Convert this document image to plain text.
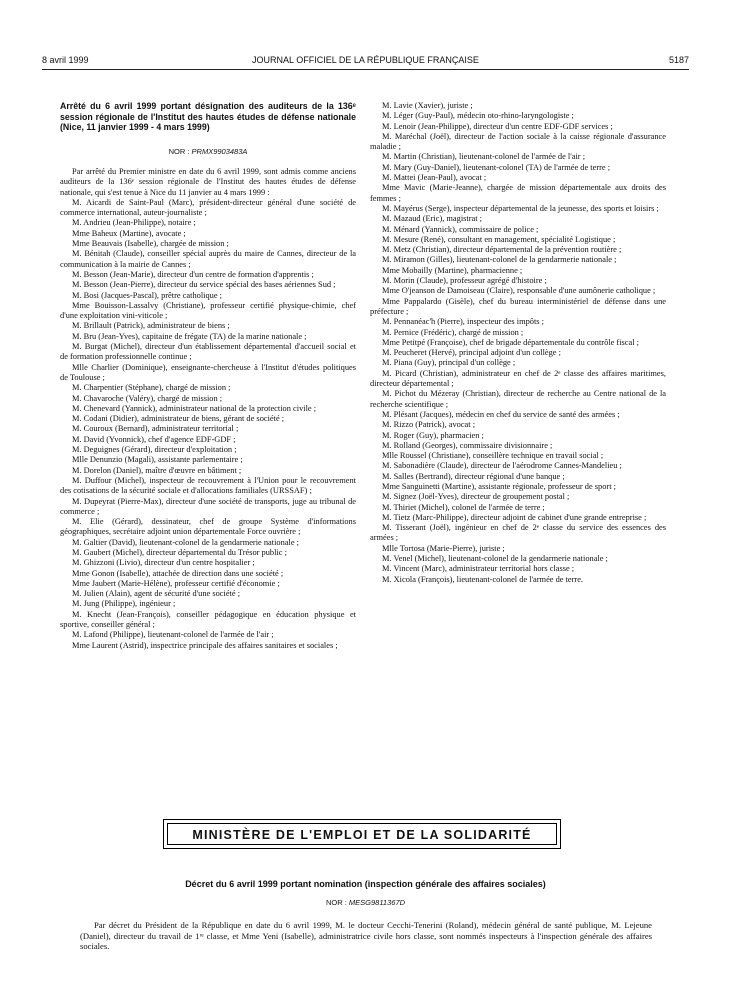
8 avril 1999	JOURNAL OFFICIEL DE LA RÉPUBLIQUE FRANÇAISE	5187
Arrêté du 6 avril 1999 portant désignation des auditeurs de la 136ᵉ session régionale de l'Institut des hautes études de défense nationale (Nice, 11 janvier 1999 - 4 mars 1999)
NOR : PRMX9903483A

Par arrêté du Premier ministre en date du 6 avril 1999, sont admis comme anciens auditeurs de la 136ᵉ session régionale de l'Institut des hautes études de défense nationale, qui s'est tenue à Nice du 11 janvier au 4 mars 1999 :

M. Aicardi de Saint-Paul (Marc), président-directeur général d'une société de commerce international, auteur-journaliste ;

M. Andrieu (Jean-Philippe), notaire ;

Mme Baheux (Martine), avocate ;

Mme Beauvais (Isabelle), chargée de mission ;

M. Bénitah (Claude), conseiller spécial auprès du maire de Cannes, directeur de la communication à la mairie de Cannes ;

M. Besson (Jean-Marie), directeur d'un centre de formation d'apprentis ;

M. Besson (Jean-Pierre), directeur du service spécial des bases aériennes Sud ;

M. Bosi (Jacques-Pascal), prêtre catholique ;

Mme Bouisson-Lassalvy (Christiane), professeur certifié physique-chimie, chef d'une exploitation vini-viticole ;

M. Brillault (Patrick), administrateur de biens ;

M. Bru (Jean-Yves), capitaine de frégate (TA) de la marine nationale ;

M. Burgat (Michel), directeur d'un établissement départemental d'accueil social et de formation professionnelle continue ;

Mlle Charlier (Dominique), enseignante-chercheuse à l'Institut d'études politiques de Toulouse ;

M. Charpentier (Stéphane), chargé de mission ;

M. Chavaroche (Valéry), chargé de mission ;

M. Chenevard (Yannick), administrateur national de la protection civile ;

M. Codani (Didier), administrateur de biens, gérant de société ;

M. Couroux (Bernard), administrateur territorial ;

M. David (Yvonnick), chef d'agence EDF-GDF ;

M. Deguignes (Gérard), directeur d'exploitation ;

Mlle Denunzio (Magali), assistante parlementaire ;

M. Dorelon (Daniel), maître d'œuvre en bâtiment ;

M. Duffour (Michel), inspecteur de recouvrement à l'Union pour le recouvrement des cotisations de la sécurité sociale et d'allocations familiales (URSSAF) ;

M. Dupeyrat (Pierre-Max), directeur d'une société de transports, juge au tribunal de commerce ;

M. Elie (Gérard), dessinateur, chef de groupe Système d'informations géographiques, secrétaire adjoint union départementale Force ouvrière ;

M. Galtier (David), lieutenant-colonel de la gendarmerie nationale ;

M. Gaubert (Michel), directeur départemental du Trésor public ;

M. Ghizzoni (Livio), directeur d'un centre hospitalier ;

Mme Gonon (Isabelle), attachée de direction dans une société ;

Mme Jaubert (Marie-Hélène), professeur certifié d'économie ;

M. Julien (Alain), agent de sécurité d'une société ;

M. Jung (Philippe), ingénieur ;

M. Knecht (Jean-François), conseiller pédagogique en éducation physique et sportive, conseiller général ;

M. Lafond (Philippe), lieutenant-colonel de l'armée de l'air ;

Mme Laurent (Astrid), inspectrice principale des affaires sanitaires et sociales ;

M. Lavie (Xavier), juriste ;

M. Léger (Guy-Paul), médecin oto-rhino-laryngologiste ;

M. Lenoir (Jean-Philippe), directeur d'un centre EDF-GDF services ;

M. Maréchal (Joël), directeur de l'action sociale à la caisse régionale d'assurance maladie ;

M. Martin (Christian), lieutenant-colonel de l'armée de l'air ;

M. Mary (Guy-Daniel), lieutenant-colonel (TA) de l'armée de terre ;

M. Mattei (Jean-Paul), avocat ;

Mme Mavic (Marie-Jeanne), chargée de mission départementale aux droits des femmes ;

M. Mayérus (Serge), inspecteur départemental de la jeunesse, des sports et loisirs ;

M. Mazaud (Eric), magistrat ;

M. Ménard (Yannick), commissaire de police ;

M. Mesure (René), consultant en management, spécialité Logistique ;

M. Metz (Christian), directeur départemental de la prévention routière ;

M. Miramon (Gilles), lieutenant-colonel de la gendarmerie nationale ;

Mme Mobailly (Martine), pharmacienne ;

M. Morin (Claude), professeur agrégé d'histoire ;

Mme O'jeanson de Damoiseau (Claire), responsable d'une aumônerie catholique ;

Mme Pappalardo (Gisèle), chef du bureau interministériel de défense dans une préfecture ;

M. Pennanéac'h (Pierre), inspecteur des impôts ;

M. Pernice (Frédéric), chargé de mission ;

Mme Petitpé (Françoise), chef de brigade départementale du contrôle fiscal ;

M. Peucheret (Hervé), principal adjoint d'un collège ;

M. Piana (Guy), principal d'un collège ;

M. Picard (Christian), administrateur en chef de 2ᵉ classe des affaires maritimes, directeur départemental ;

M. Pichot du Mézeray (Christian), directeur de recherche au Centre national de la recherche scientifique ;

M. Plésant (Jacques), médecin en chef du service de santé des armées ;

M. Rizzo (Patrick), avocat ;

M. Roger (Guy), pharmacien ;

M. Rolland (Georges), commissaire divisionnaire ;

Mlle Roussel (Christiane), conseillère technique en travail social ;

M. Sabonadière (Claude), directeur de l'aérodrome Cannes-Mandelieu ;

M. Salles (Bertrand), directeur régional d'une banque ;

Mme Sanguinetti (Martine), assistante régionale, professeur de sport ;

M. Signez (Joël-Yves), directeur de groupement postal ;

M. Thiriet (Michel), colonel de l'armée de terre ;

M. Tietz (Marc-Philippe), directeur adjoint de cabinet d'une grande entreprise ;

M. Tisserant (Joël), ingénieur en chef de 2ᵉ classe du service des essences des armées ;

Mlle Tortosa (Marie-Pierre), juriste ;

M. Venel (Michel), lieutenant-colonel de la gendarmerie nationale ;

M. Vincent (Marc), administrateur territorial hors classe ;

M. Xicola (François), lieutenant-colonel de l'armée de terre.

MINISTÈRE DE L'EMPLOI ET DE LA SOLIDARITÉ
Décret du 6 avril 1999 portant nomination (inspection générale des affaires sociales)
NOR : MESG9811367D

Par décret du Président de la République en date du 6 avril 1999, M. le docteur Cecchi-Tenerini (Roland), médecin général de santé publique, M. Lejeune (Daniel), directeur du travail de 1ʳᵉ classe, et Mme Yeni (Isabelle), administratrice civile hors classe, sont nommés inspecteurs à l'inspection générale des affaires sociales.
